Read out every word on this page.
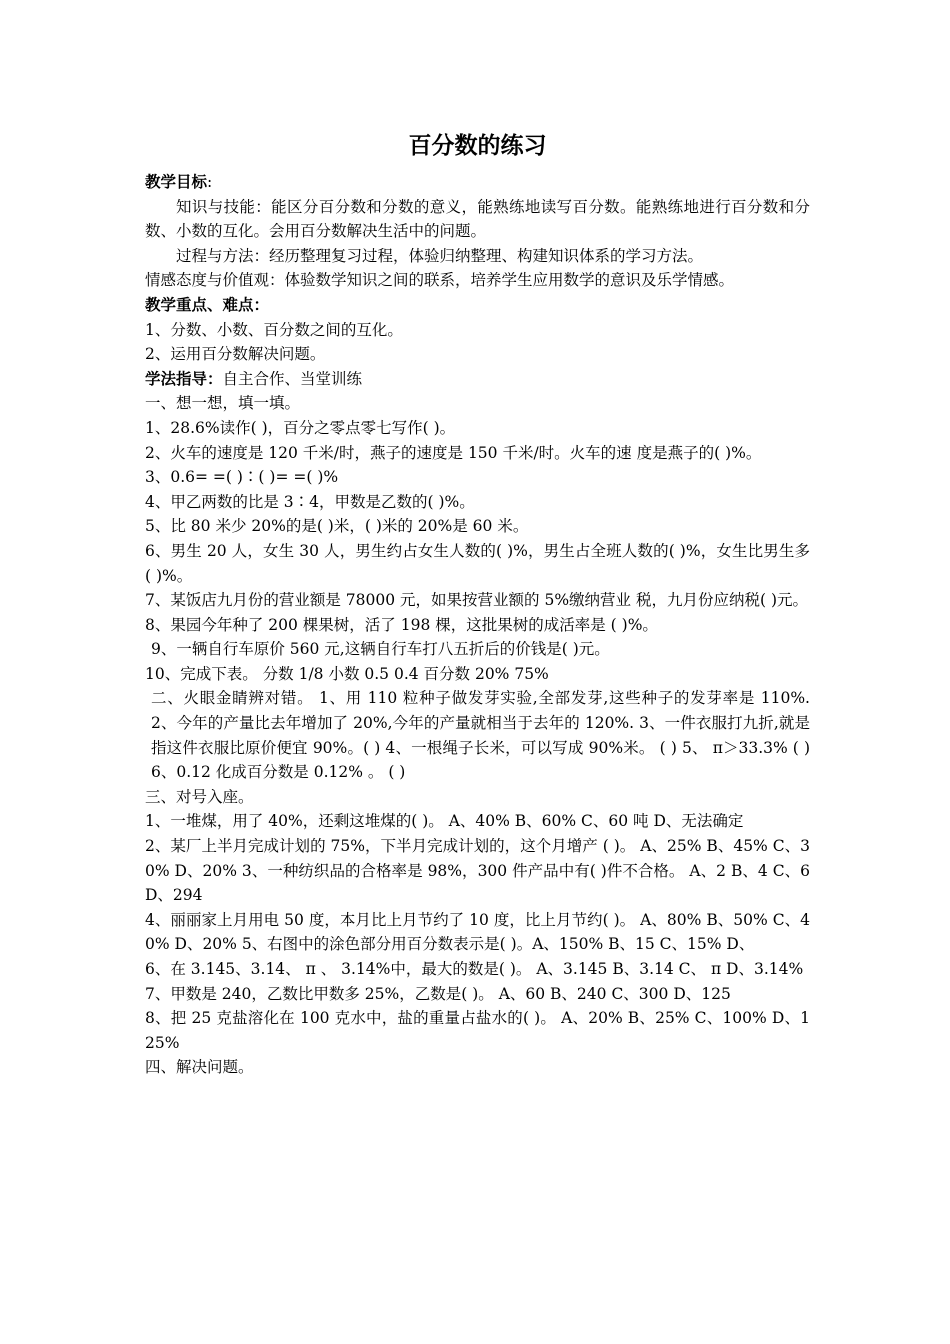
百分数的练习
教学目标:
知识与技能：能区分百分数和分数的意义，能熟练地读写百分数。能熟练地进行百分数和分数、小数的互化。会用百分数解决生活中的问题。
过程与方法：经历整理复习过程，体验归纳整理、构建知识体系的学习方法。
情感态度与价值观：体验数学知识之间的联系，培养学生应用数学的意识及乐学情感。
教学重点、难点：
1、分数、小数、百分数之间的互化。
2、运用百分数解决问题。
学法指导：自主合作、当堂训练
一、想一想，填一填。
1、28.6%读作( )，百分之零点零七写作( )。
2、火车的速度是 120 千米/时，燕子的速度是 150 千米/时。火车的速 度是燕子的( )%。
3、0.6= =( )∶( )= =( )%
4、甲乙两数的比是 3∶4，甲数是乙数的( )%。
5、比 80 米少 20%的是( )米，( )米的 20%是 60 米。
6、男生 20 人，女生 30 人，男生约占女生人数的( )%，男生占全班人数的( )%，女生比男生多( )%。
7、某饭店九月份的营业额是 78000 元，如果按营业额的 5%缴纳营业 税，九月份应纳税( )元。
8、果园今年种了 200 棵果树，活了 198 棵，这批果树的成活率是 ( )%。
9、一辆自行车原价 560 元,这辆自行车打八五折后的价钱是( )元。
10、完成下表。 分数 1/8 小数 0.5 0.4 百分数 20% 75%
二、火眼金睛辨对错。 1、用 110 粒种子做发芽实验,全部发芽,这些种子的发芽率是 110%. 2、今年的产量比去年增加了 20%,今年的产量就相当于去年的 120%. 3、一件衣服打九折,就是指这件衣服比原价便宜 90%。( ) 4、一根绳子长米，可以写成 90%米。 ( ) 5、 π＞33.3% ( ) 6、0.12 化成百分数是 0.12% 。 ( )
三、对号入座。
1、一堆煤，用了 40%，还剩这堆煤的( )。 A、40% B、60% C、60 吨 D、无法确定
2、某厂上半月完成计划的 75%，下半月完成计划的，这个月增产 ( )。 A、25% B、45% C、30% D、20% 3、一种纺织品的合格率是 98%，300 件产品中有( )件不合格。 A、2 B、4 C、6 D、294
4、丽丽家上月用电 50 度，本月比上月节约了 10 度，比上月节约( )。 A、80% B、50% C、40% D、20% 5、右图中的涂色部分用百分数表示是( )。A、150% B、15 C、15% D、
6、在 3.145、3.14、 π 、 3.14%中，最大的数是( )。 A、3.145 B、3.14 C、 π D、3.14%
7、甲数是 240，乙数比甲数多 25%，乙数是( )。 A、60 B、240 C、300 D、125
8、把 25 克盐溶化在 100 克水中，盐的重量占盐水的( )。 A、20% B、25% C、100% D、125%
四、解决问题。
